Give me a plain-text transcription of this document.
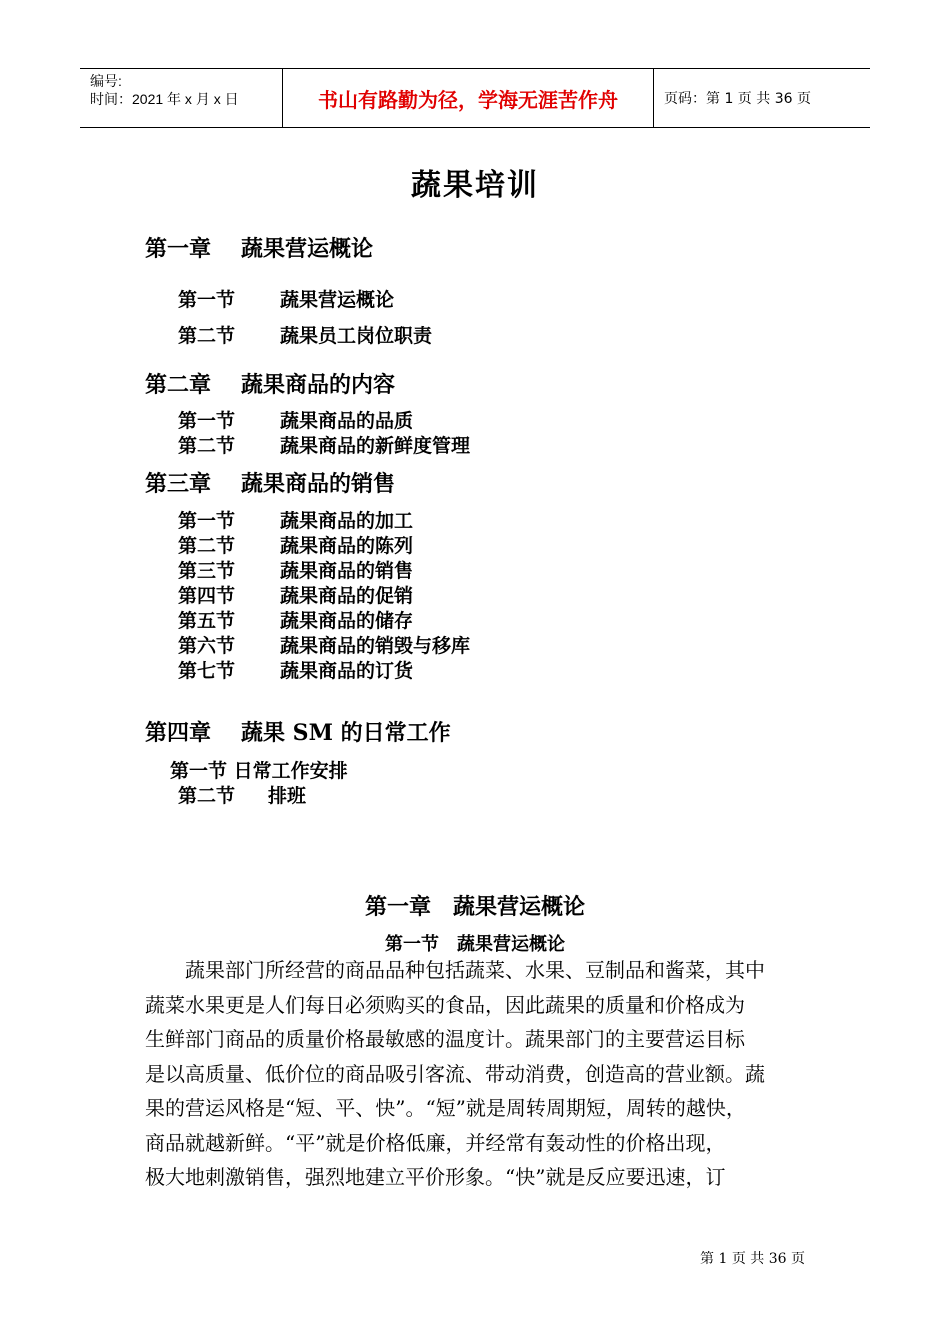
编号:
时间：2021 年 x 月 x 日	书山有路勤为径，学海无涯苦作舟	页码：第 1 页 共 36 页
蔬果培训
第一章 蔬果营运概论
第一节 蔬果营运概论
第二节 蔬果员工岗位职责
第二章 蔬果商品的内容
第一节 蔬果商品的品质
第二节 蔬果商品的新鲜度管理
第三章 蔬果商品的销售
第一节 蔬果商品的加工
第二节 蔬果商品的陈列
第三节 蔬果商品的销售
第四节 蔬果商品的促销
第五节 蔬果商品的储存
第六节 蔬果商品的销毁与移库
第七节 蔬果商品的订货
第四章 蔬果 SM 的日常工作
第一节 日常工作安排
第二节 排班
第一章　蔬果营运概论
第一节　蔬果营运概论
　　蔬果部门所经营的商品品种包括蔬菜、水果、豆制品和酱菜，其中
蔬菜水果更是人们每日必须购买的食品，因此蔬果的质量和价格成为
生鲜部门商品的质量价格最敏感的温度计。蔬果部门的主要营运目标
是以高质量、低价位的商品吸引客流、带动消费，创造高的营业额。蔬
果的营运风格是“短、平、快”。“短”就是周转周期短，周转的越快，
商品就越新鲜。“平”就是价格低廉，并经常有轰动性的价格出现，
极大地刺激销售，强烈地建立平价形象。“快”就是反应要迅速，订
第 1 页 共 36 页
